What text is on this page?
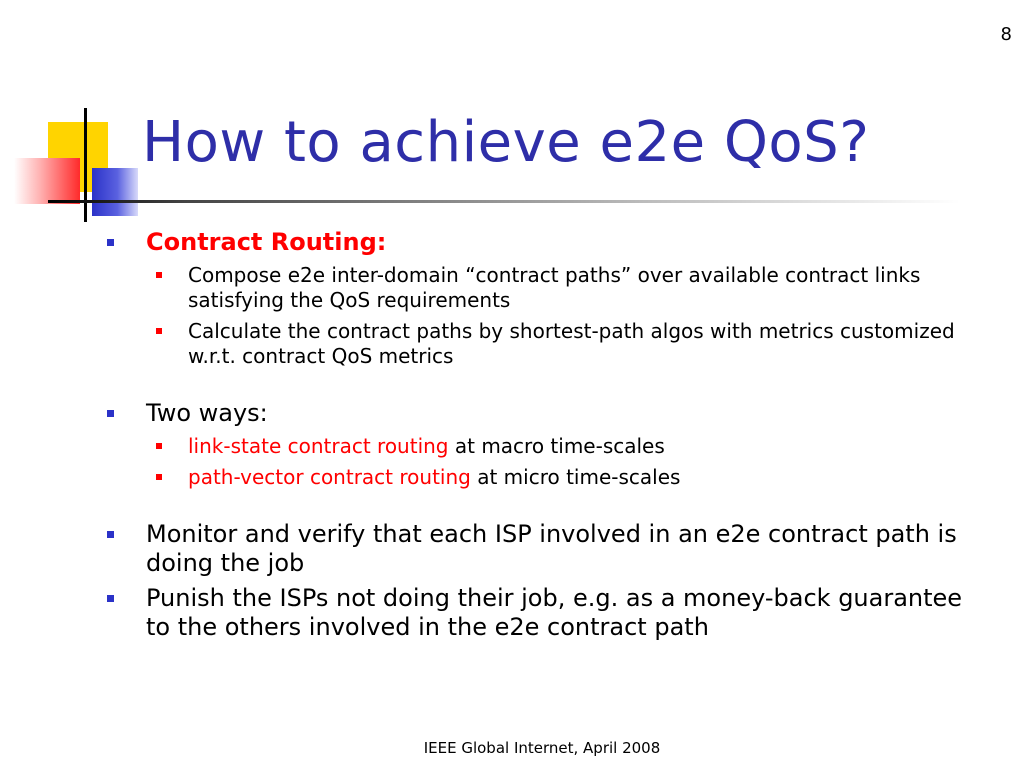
8
How to achieve e2e QoS?
Contract Routing:
Compose e2e inter-domain “contract paths” over available contract links satisfying the QoS requirements
Calculate the contract paths by shortest-path algos with metrics customized w.r.t. contract QoS metrics
Two ways:
link-state contract routing at macro time-scales
path-vector contract routing at micro time-scales
Monitor and verify that each ISP involved in an e2e contract path is doing the job
Punish the ISPs not doing their job, e.g. as a money-back guarantee to the others involved in the e2e contract path
IEEE Global Internet, April 2008
